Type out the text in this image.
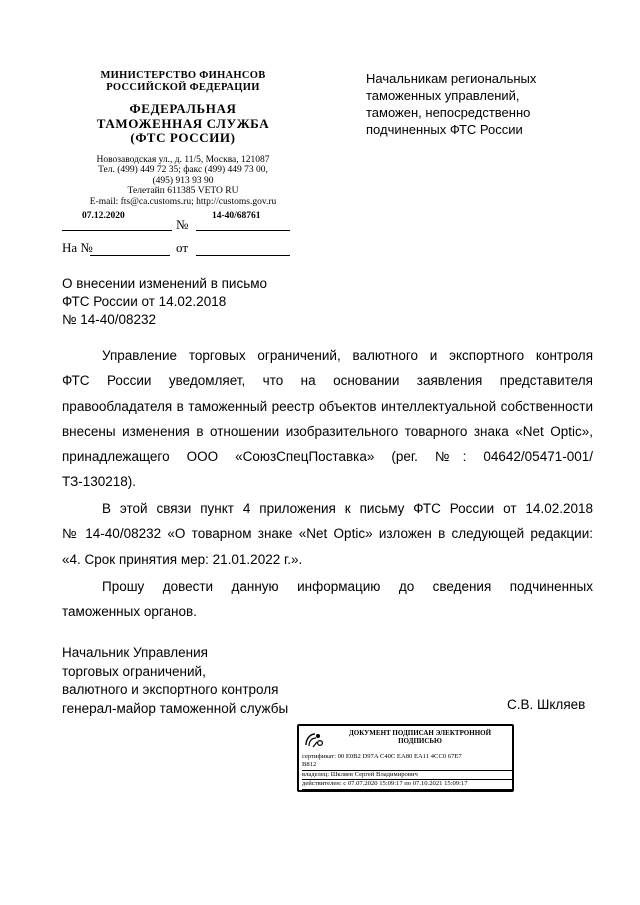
МИНИСТЕРСТВО ФИНАНСОВ
РОССИЙСКОЙ ФЕДЕРАЦИИ
ФЕДЕРАЛЬНАЯ
ТАМОЖЕННАЯ СЛУЖБА
(ФТС РОССИИ)
Новозаводская ул., д. 11/5, Москва, 121087
Тел. (499) 449 72 35; факс (499) 449 73 00,
(495) 913 93 90
Телетайп 611385 VETO RU
E-mail: fts@ca.customs.ru; http://customs.gov.ru
07.12.2020
№
14-40/68761
На №	от
Начальникам региональных
таможенных управлений,
таможен, непосредственно
подчиненных ФТС России
О внесении изменений в письмо
ФТС России от 14.02.2018
№ 14-40/08232
Управление торговых ограничений, валютного и экспортного контроля
ФТС России уведомляет, что на основании заявления представителя
правообладателя в таможенный реестр объектов интеллектуальной собственности
внесены изменения в отношении изобразительного товарного знака «Net Optic»,
принадлежащего ООО «СоюзСпецПоставка» (рег. №: 04642/05471-001/
ТЗ-130218).
В этой связи пункт 4 приложения к письму ФТС России от 14.02.2018
№ 14-40/08232 «О товарном знаке «Net Optic» изложен в следующей редакции:
«4. Срок принятия мер: 21.01.2022 г.».
Прошу довести данную информацию до сведения подчиненных
таможенных органов.
Начальник Управления
торговых ограничений,
валютного и экспортного контроля
генерал-майор таможенной службы	С.В. Шкляев
ДОКУМЕНТ ПОДПИСАН ЭЛЕКТРОННОЙ
ПОДПИСЬЮ
сертификат: 00 E0B2 D97A C40C EA80 EA11 4CC0 67E7
B812
владелец: Шкляев Сергей Владимирович
действителен: с 07.07.2020 15:09:17 по 07.10.2021 15:09:17
